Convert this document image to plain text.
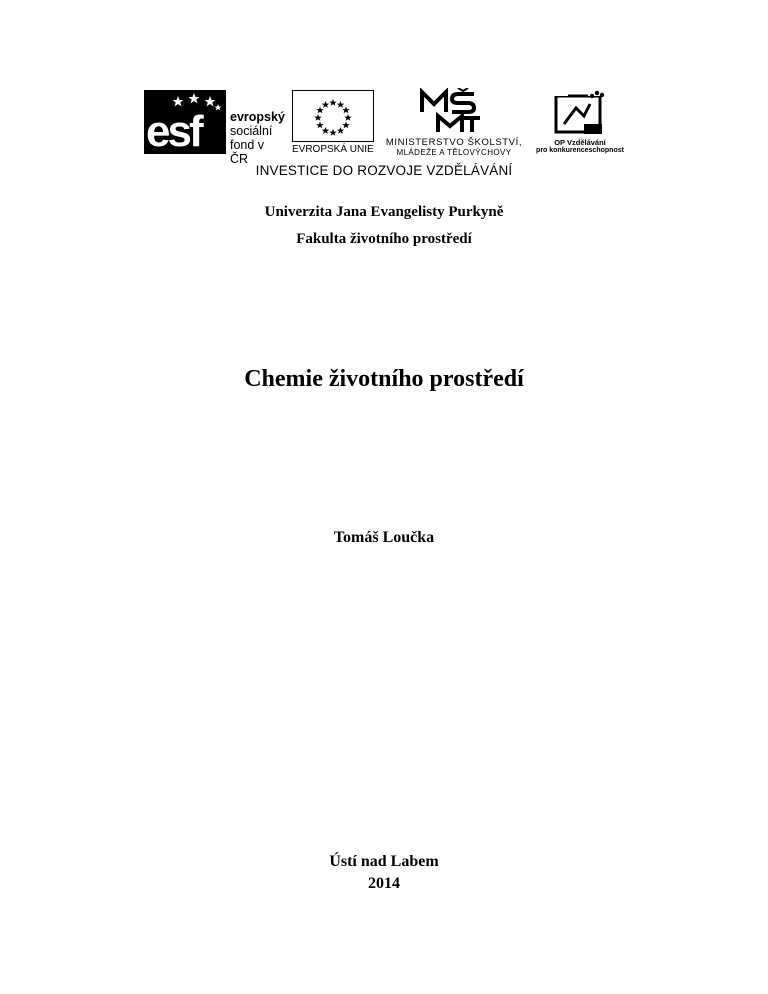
esf evropský
sociální
fond v ČR
EVROPSKÁ UNIE
MINISTERSTVO ŠKOLSTVÍ,
MLÁDEŽE A TĚLOVÝCHOVY
OP Vzdělávání
pro konkurenceschopnost
INVESTICE DO ROZVOJE VZDĚLÁVÁNÍ
Univerzita Jana Evangelisty Purkyně
Fakulta životního prostředí
Chemie životního prostředí
Tomáš Loučka
Ústí nad Labem
2014
